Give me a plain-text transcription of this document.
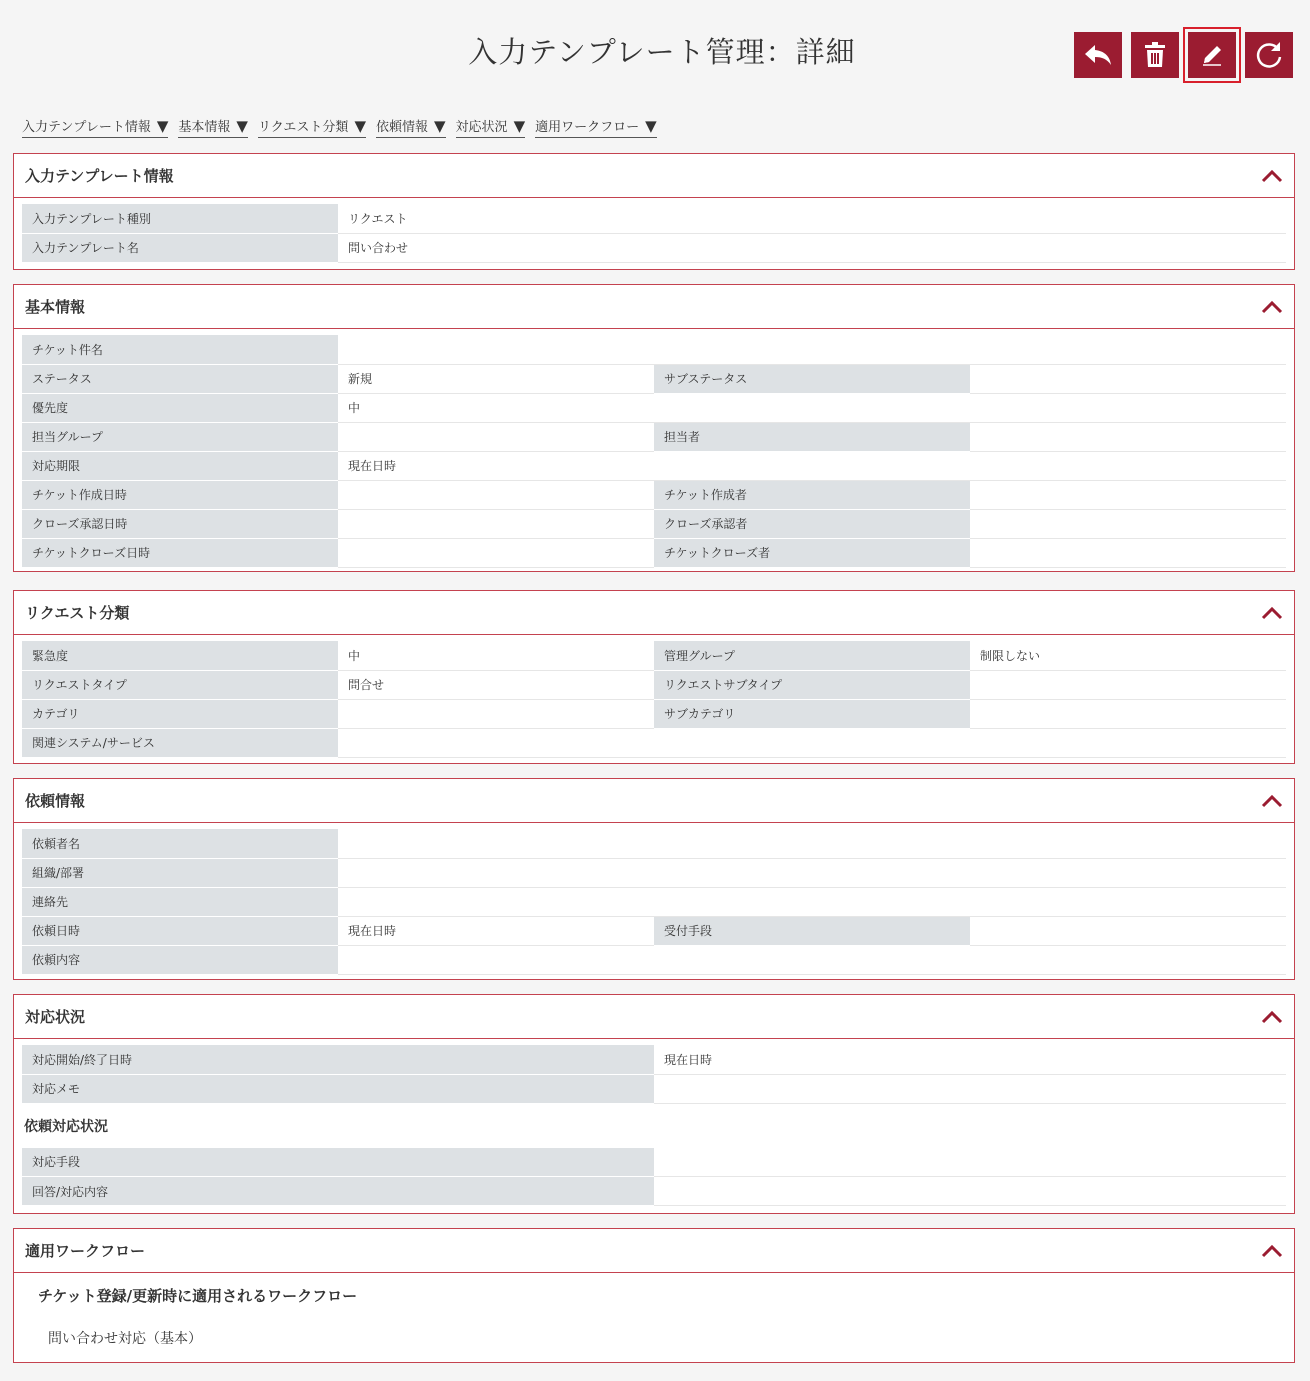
入力テンプレート管理：詳細
入力テンプレート情報 ▼ 基本情報 ▼ リクエスト分類 ▼ 依頼情報 ▼ 対応状況 ▼ 適用ワークフロー ▼
入力テンプレート情報
入力テンプレート種別	リクエスト
入力テンプレート名	問い合わせ
基本情報
チケット件名			
ステータス	新規	サブステータス	
優先度	中		
担当グループ		担当者	
対応期限	現在日時		
チケット作成日時		チケット作成者	
クローズ承認日時		クローズ承認者	
チケットクローズ日時		チケットクローズ者	
リクエスト分類
緊急度	中	管理グループ	制限しない
リクエストタイプ	問合せ	リクエストサブタイプ	
カテゴリ		サブカテゴリ	
関連システム/サービス			
依頼情報
依頼者名			
組織/部署			
連絡先			
依頼日時	現在日時	受付手段	
依頼内容			
対応状況
対応開始/終了日時	現在日時
対応メモ	
依頼対応状況
対応手段	
回答/対応内容	
適用ワークフロー
チケット登録/更新時に適用されるワークフロー
問い合わせ対応（基本）
